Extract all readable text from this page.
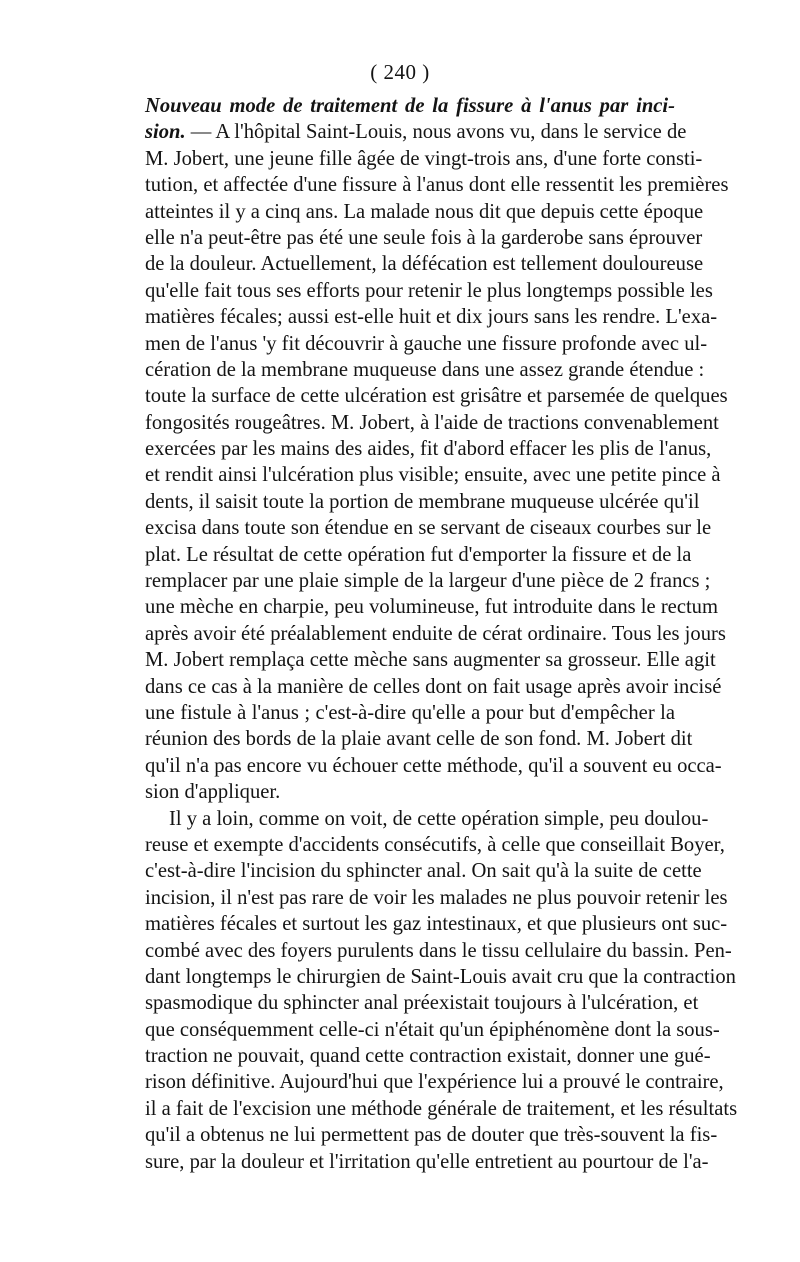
( 240 )
Nouveau mode de traitement de la fissure à l'anus par inci-
sion. — A l'hôpital Saint-Louis, nous avons vu, dans le service de
M. Jobert, une jeune fille âgée de vingt-trois ans, d'une forte consti-
tution, et affectée d'une fissure à l'anus dont elle ressentit les premières
atteintes il y a cinq ans. La malade nous dit que depuis cette époque
elle n'a peut-être pas été une seule fois à la garderobe sans éprouver
de la douleur. Actuellement, la défécation est tellement douloureuse
qu'elle fait tous ses efforts pour retenir le plus longtemps possible les
matières fécales; aussi est-elle huit et dix jours sans les rendre. L'exa-
men de l'anus 'y fit découvrir à gauche une fissure profonde avec ul-
cération de la membrane muqueuse dans une assez grande étendue :
toute la surface de cette ulcération est grisâtre et parsemée de quelques
fongosités rougeâtres. M. Jobert, à l'aide de tractions convenablement
exercées par les mains des aides, fit d'abord effacer les plis de l'anus,
et rendit ainsi l'ulcération plus visible; ensuite, avec une petite pince à
dents, il saisit toute la portion de membrane muqueuse ulcérée qu'il
excisa dans toute son étendue en se servant de ciseaux courbes sur le
plat. Le résultat de cette opération fut d'emporter la fissure et de la
remplacer par une plaie simple de la largeur d'une pièce de 2 francs ;
une mèche en charpie, peu volumineuse, fut introduite dans le rectum
après avoir été préalablement enduite de cérat ordinaire. Tous les jours
M. Jobert remplaça cette mèche sans augmenter sa grosseur. Elle agit
dans ce cas à la manière de celles dont on fait usage après avoir incisé
une fistule à l'anus ; c'est-à-dire qu'elle a pour but d'empêcher la
réunion des bords de la plaie avant celle de son fond. M. Jobert dit
qu'il n'a pas encore vu échouer cette méthode, qu'il a souvent eu occa-
sion d'appliquer.
Il y a loin, comme on voit, de cette opération simple, peu doulou-
reuse et exempte d'accidents consécutifs, à celle que conseillait Boyer,
c'est-à-dire l'incision du sphincter anal. On sait qu'à la suite de cette
incision, il n'est pas rare de voir les malades ne plus pouvoir retenir les
matières fécales et surtout les gaz intestinaux, et que plusieurs ont suc-
combé avec des foyers purulents dans le tissu cellulaire du bassin. Pen-
dant longtemps le chirurgien de Saint-Louis avait cru que la contraction
spasmodique du sphincter anal préexistait toujours à l'ulcération, et
que conséquemment celle-ci n'était qu'un épiphénomène dont la sous-
traction ne pouvait, quand cette contraction existait, donner une gué-
rison définitive. Aujourd'hui que l'expérience lui a prouvé le contraire,
il a fait de l'excision une méthode générale de traitement, et les résultats
qu'il a obtenus ne lui permettent pas de douter que très-souvent la fis-
sure, par la douleur et l'irritation qu'elle entretient au pourtour de l'a-
